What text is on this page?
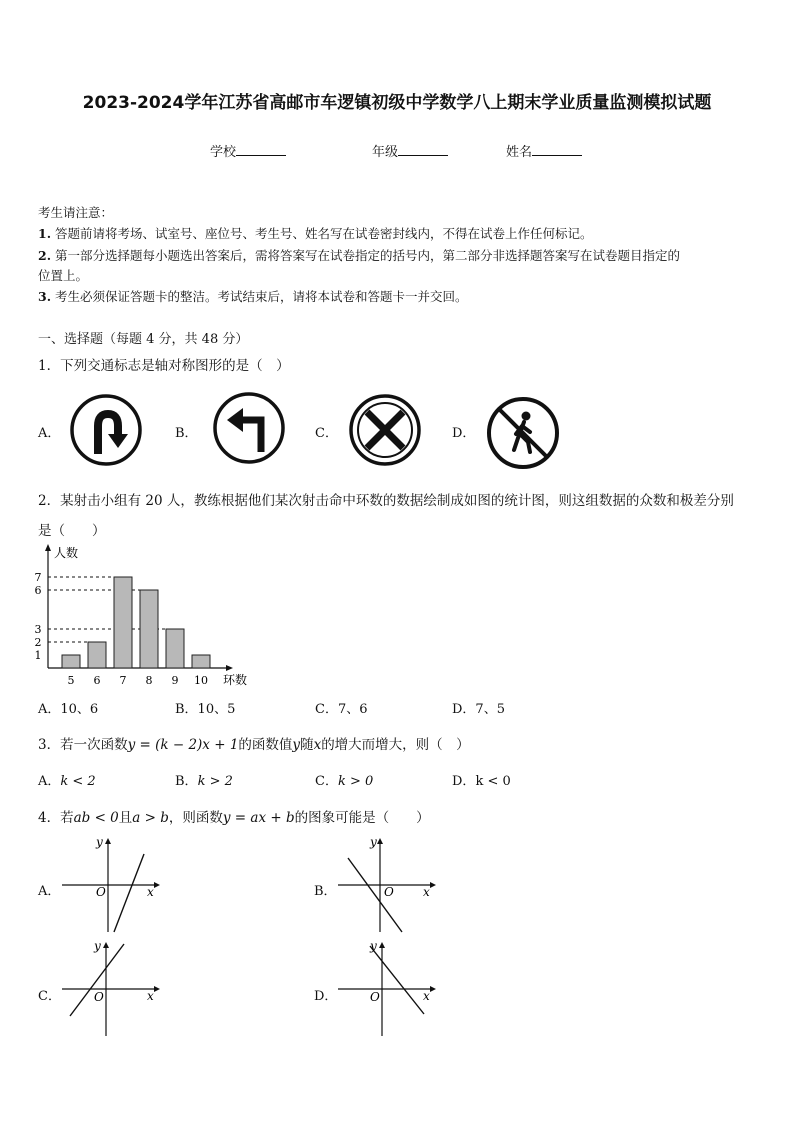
2023-2024学年江苏省高邮市车逻镇初级中学数学八上期末学业质量监测模拟试题
学校	年级	姓名
考生请注意：
1. 答题前请将考场、试室号、座位号、考生号、姓名写在试卷密封线内，不得在试卷上作任何标记。
2. 第一部分选择题每小题选出答案后，需将答案写在试卷指定的括号内，第二部分非选择题答案写在试卷题目指定的
位置上。
3. 考生必须保证答题卡的整洁。考试结束后，请将本试卷和答题卡一并交回。
一、选择题（每题 4 分，共 48 分）
1．下列交通标志是轴对称图形的是（　）
A．	B．	C．	D．
2．某射击小组有 20 人，教练根据他们某次射击命中环数的数据绘制成如图的统计图，则这组数据的众数和极差分别
是（　　）
人数
1
2
3
6
7
5 6 7 8 9 10 环数
A．10、6	B．10、5	C．7、6	D．7、5
3．若一次函数y = (k − 2)x + 1的函数值y随x的增大而增大，则（　）
A．k < 2	B．k > 2	C．k > 0	D．k < 0
4．若ab < 0且a > b，则函数y = ax + b的图象可能是（　　）
A．	B．
C．	D．
O	x
y
O x
y
O	x
y
O	x
y
